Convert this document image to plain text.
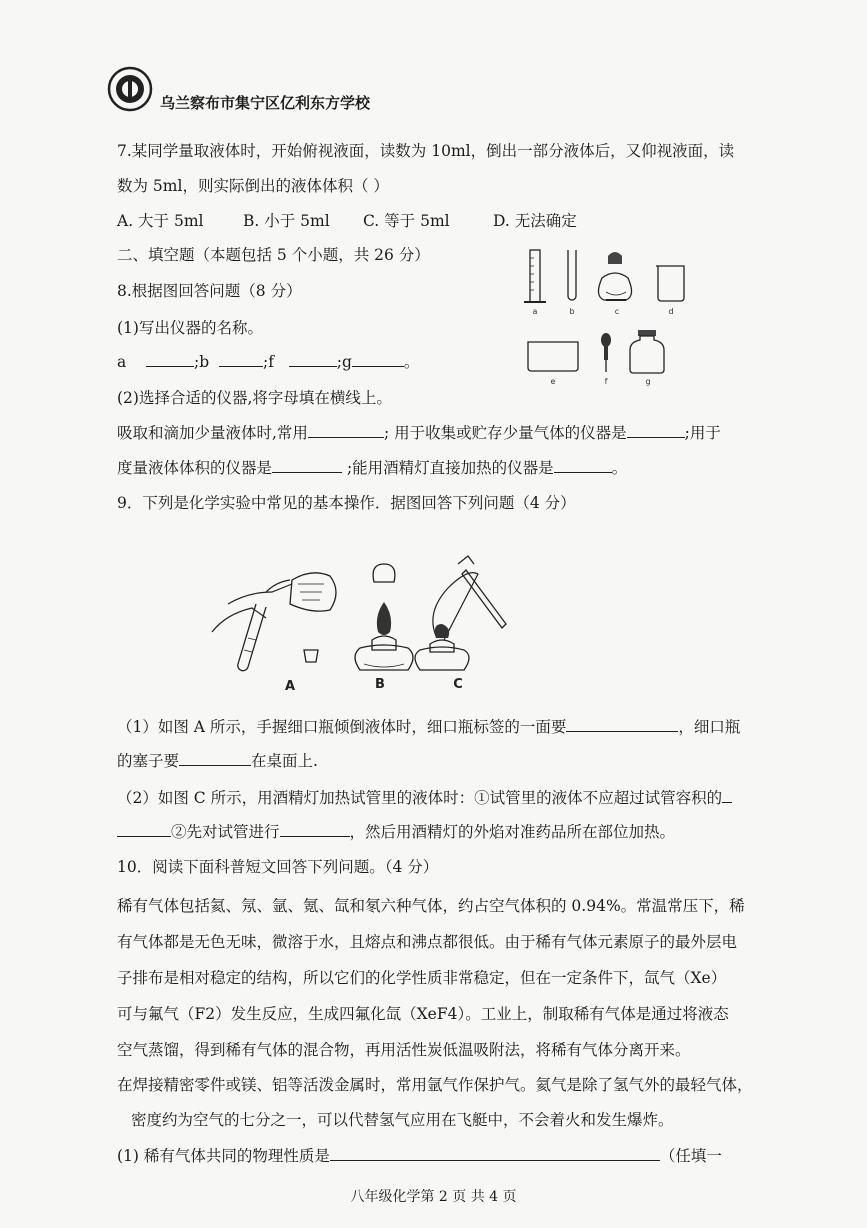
乌兰察布市集宁区亿利东方学校
7.某同学量取液体时，开始俯视液面，读数为 10ml，倒出一部分液体后，又仰视液面，读
数为 5ml，则实际倒出的液体体积（ ）
A. 大于 5ml	B. 小于 5ml C. 等于 5ml	D. 无法确定
二、填空题（本题包括 5 个小题，共 26 分）
8.根据图回答问题（8 分）
(1)写出仪器的名称。
a	;b	;f	;g	。
(2)选择合适的仪器,将字母填在横线上。
吸取和滴加少量液体时,常用	; 用于收集或贮存少量气体的仪器是	;用于
度量液体体积的仪器是	;能用酒精灯直接加热的仪器是	。
a	b	c	d
e	f	g
9．下列是化学实验中常见的基本操作．据图回答下列问题（4 分）
A	B	C
（1）如图 A 所示，手握细口瓶倾倒液体时，细口瓶标签的一面要	，细口瓶
的塞子要	在桌面上.
（2）如图 C 所示，用酒精灯加热试管里的液体时：①试管里的液体不应超过试管容积的
②先对试管进行	，然后用酒精灯的外焰对准药品所在部位加热。
10．阅读下面科普短文回答下列问题。（4 分）
稀有气体包括氦、氖、氩、氪、氙和氡六种气体，约占空气体积的 0.94%。常温常压下，稀
有气体都是无色无味，微溶于水，且熔点和沸点都很低。由于稀有气体元素原子的最外层电
子排布是相对稳定的结构，所以它们的化学性质非常稳定，但在一定条件下，氙气（Xe）
可与氟气（F2）发生反应，生成四氟化氙（XeF4）。工业上，制取稀有气体是通过将液态
空气蒸馏，得到稀有气体的混合物，再用活性炭低温吸附法，将稀有气体分离开来。
在焊接精密零件或镁、铝等活泼金属时，常用氩气作保护气。氦气是除了氢气外的最轻气体，
密度约为空气的七分之一，可以代替氢气应用在飞艇中，不会着火和发生爆炸。
(1) 稀有气体共同的物理性质是	（任填一
八年级化学第 2 页 共 4 页
